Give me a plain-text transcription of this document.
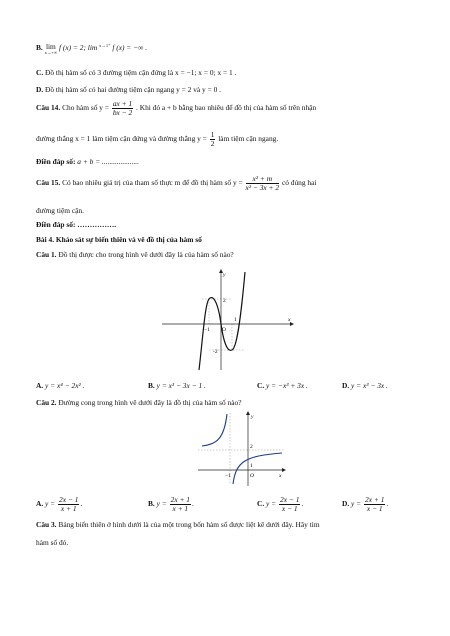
B. lim
x→+∞
f (x) = 2; lim x→1⁺ f (x) = −∞ .
C. Đồ thị hàm số có 3 đường tiệm cận đứng là x = −1; x = 0; x = 1 .
D. Đồ thị hàm số có hai đường tiệm cận ngang y = 2 và y = 0 .
Câu 14. Cho hàm số $y = \frac{ax + 1}{bx - 2}$ . Khi đó a + b bằng bao nhiêu để đồ thị của hàm số trên nhận
đường thẳng x = 1 làm tiệm cận đứng và đường thẳng $y = \frac{1}{2}$ làm tiệm cận ngang.
Điền đáp số: a + b = ....................
Câu 15. Có bao nhiêu giá trị của tham số thực m để đồ thị hàm số $y = \frac{\text{x² + m}}{\text{x² − 3x + 2}}$ có đúng hai
đường tiệm cận.
Điền đáp số: …………….
Bài 4. Khảo sát sự biến thiên và vẽ đồ thị của hàm số
Câu 1. Đồ thị được cho trong hình vẽ dưới đây là của hàm số nào?
y
x
O
2
-2
−1
1
A. y = x⁴ − 2x² .	B. y = x³ − 3x − 1 .	C. y = −x³ + 3x .	D. y = x³ − 3x .
Câu 2. Đường cong trong hình vẽ dưới đây là đồ thị của hàm số nào?
y
x
O
2
1
−1
A. $y = \frac{2x - 1}{x + 1}$ .	B. $y = \frac{2x + 1}{x + 1}$ .	C. $y = \frac{2x - 1}{x - 1}$ .	D. $y = \frac{2x + 1}{x - 1}$ .
Câu 3. Bảng biến thiên ở hình dưới là của một trong bốn hàm số được liệt kê dưới đây. Hãy tìm
hàm số đó.
